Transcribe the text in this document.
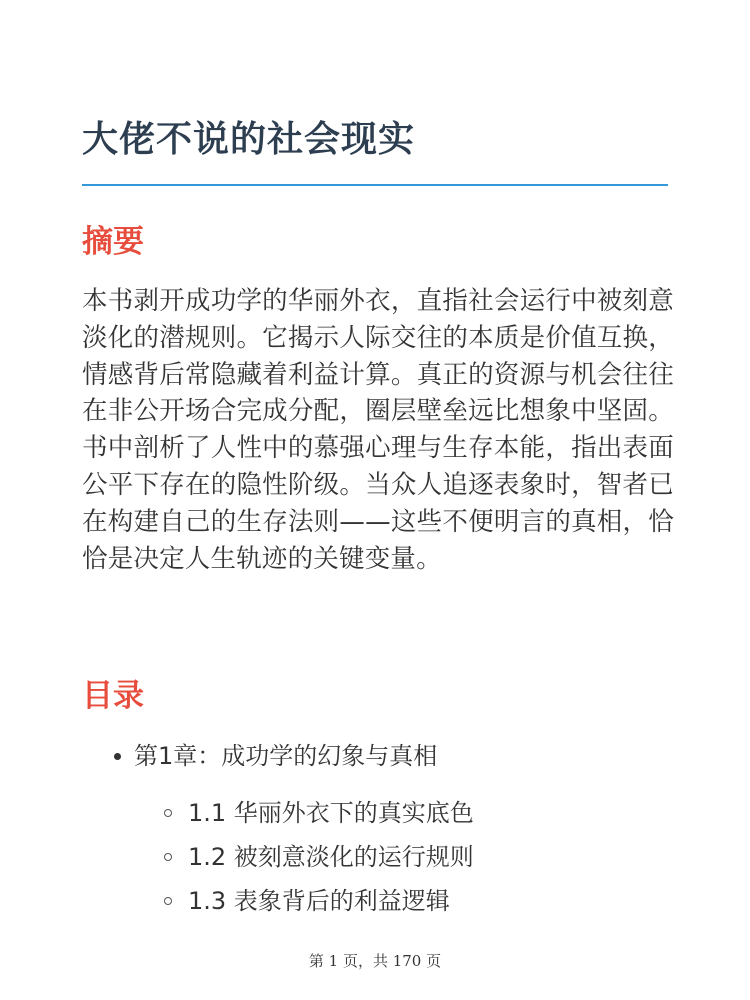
大佬不说的社会现实
摘要

本书剥开成功学的华丽外衣，直指社会运行中被刻意淡化的潜规则。它揭示人际交往的本质是价值互换，情感背后常隐藏着利益计算。真正的资源与机会往往在非公开场合完成分配，圈层壁垒远比想象中坚固。书中剖析了人性中的慕强心理与生存本能，指出表面公平下存在的隐性阶级。当众人追逐表象时，智者已在构建自己的生存法则——这些不便明言的真相，恰恰是决定人生轨迹的关键变量。

目录
第1章：成功学的幻象与真相
1.1 华丽外衣下的真实底色
1.2 被刻意淡化的运行规则
1.3 表象背后的利益逻辑
第 1 页，共 170 页
